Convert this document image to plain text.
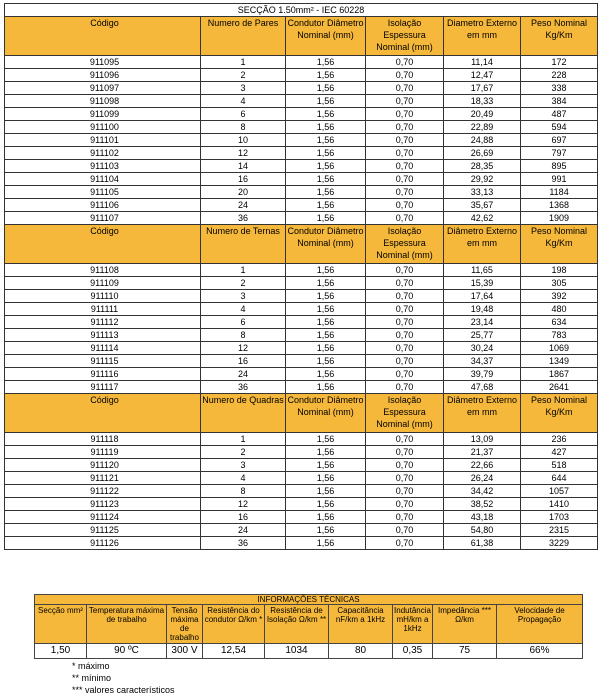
SECÇÃO 1.50mm² - IEC 60228					
Código	Numero de Pares	Condutor Diâmetro Nominal (mm)	Isolação Espessura Nominal (mm)	Diametro Externo em mm	Peso Nominal Kg/Km
911095	1	1,56	0,70	11,14	172
911096	2	1,56	0,70	12,47	228
911097	3	1,56	0,70	17,67	338
911098	4	1,56	0,70	18,33	384
911099	6	1,56	0,70	20,49	487
911100	8	1,56	0,70	22,89	594
911101	10	1,56	0,70	24,88	697
911102	12	1,56	0,70	26,69	797
911103	14	1,56	0,70	28,35	895
911104	16	1,56	0,70	29,92	991
911105	20	1,56	0,70	33,13	1184
911106	24	1,56	0,70	35,67	1368
911107	36	1,56	0,70	42,62	1909
Código	Numero de Ternas	Condutor Diâmetro Nominal (mm)	Isolação Espessura Nominal (mm)	Diâmetro Externo em mm	Peso Nominal Kg/Km
911108	1	1,56	0,70	11,65	198
911109	2	1,56	0,70	15,39	305
911110	3	1,56	0,70	17,64	392
911111	4	1,56	0,70	19,48	480
911112	6	1,56	0,70	23,14	634
911113	8	1,56	0,70	25,77	783
911114	12	1,56	0,70	30,24	1069
911115	16	1,56	0,70	34,37	1349
911116	24	1,56	0,70	39,79	1867
911117	36	1,56	0,70	47,68	2641
Código	Numero de Quadras	Condutor Diâmetro Nominal (mm)	Isolação Espessura Nominal (mm)	Diâmetro Externo em mm	Peso Nominal Kg/Km
911118	1	1,56	0,70	13,09	236
911119	2	1,56	0,70	21,37	427
911120	3	1,56	0,70	22,66	518
911121	4	1,56	0,70	26,24	644
911122	8	1,56	0,70	34,42	1057
911123	12	1,56	0,70	38,52	1410
911124	16	1,56	0,70	43,18	1703
911125	24	1,56	0,70	54,80	2315
911126	36	1,56	0,70	61,38	3229
INFORMAÇÕES TÉCNICAS								
Secção mm²	Temperatura máxima de trabalho	Tensão máxima de trabalho	Resistência do condutor Ω/km *	Resistência de Isolação Ω/km **	Capacitância nF/km a 1kHz	Indutância mH/km a 1kHz	Impedância *** Ω/km	Velocidade de Propagação
1,50	90 ºC	300 V	12,54	1034	80	0,35	75	66%
* máximo
** mínimo
*** valores característicos
